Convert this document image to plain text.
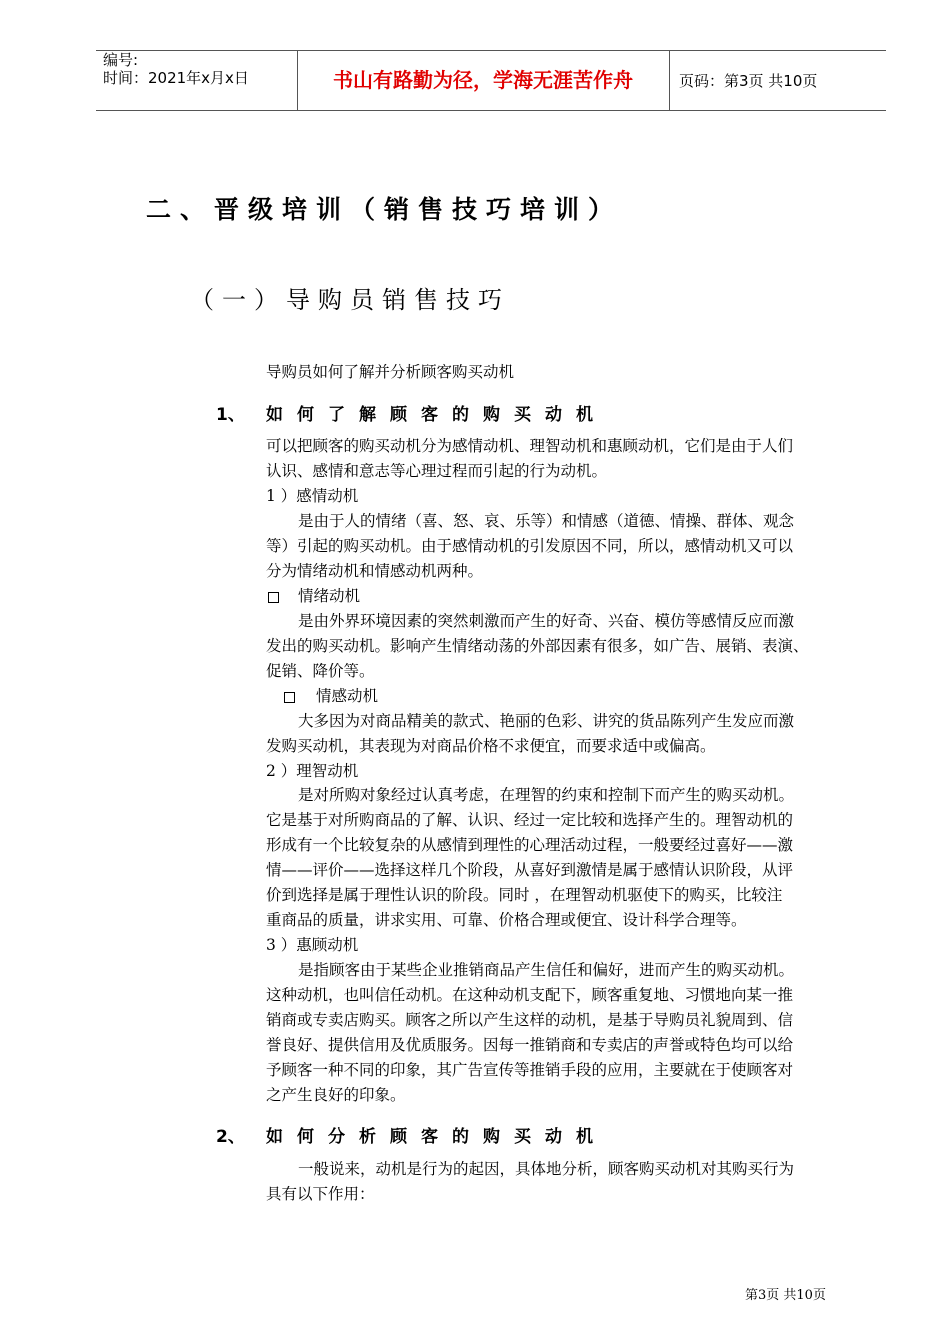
编号:
时间：2021年x月x日	书山有路勤为径，学海无涯苦作舟	页码：第3页 共10页
二、晋级培训（销售技巧培训）
（一）导购员销售技巧
导购员如何了解并分析顾客购买动机
1、 如何了解顾客的购买动机
可以把顾客的购买动机分为感情动机、理智动机和惠顾动机，它们是由于人们
认识、感情和意志等心理过程而引起的行为动机。
1 ）感情动机
是由于人的情绪（喜、怒、哀、乐等）和情感（道德、情操、群体、观念
等）引起的购买动机。由于感情动机的引发原因不同，所以，感情动机又可以
分为情绪动机和情感动机两种。
情绪动机
是由外界环境因素的突然刺激而产生的好奇、兴奋、模仿等感情反应而激
发出的购买动机。影响产生情绪动荡的外部因素有很多，如广告、展销、表演、
促销、降价等。
情感动机
大多因为对商品精美的款式、艳丽的色彩、讲究的货品陈列产生发应而激
发购买动机，其表现为对商品价格不求便宜，而要求适中或偏高。
2 ）理智动机
是对所购对象经过认真考虑，在理智的约束和控制下而产生的购买动机。
它是基于对所购商品的了解、认识、经过一定比较和选择产生的。理智动机的
形成有一个比较复杂的从感情到理性的心理活动过程，一般要经过喜好——激
情——评价——选择这样几个阶段，从喜好到激情是属于感情认识阶段，从评
价到选择是属于理性认识的阶段。同时 ，在理智动机驱使下的购买，比较注
重商品的质量，讲求实用、可靠、价格合理或便宜、设计科学合理等。
3 ）惠顾动机
是指顾客由于某些企业推销商品产生信任和偏好，进而产生的购买动机。
这种动机，也叫信任动机。在这种动机支配下，顾客重复地、习惯地向某一推
销商或专卖店购买。顾客之所以产生这样的动机，是基于导购员礼貌周到、信
誉良好、提供信用及优质服务。因每一推销商和专卖店的声誉或特色均可以给
予顾客一种不同的印象，其广告宣传等推销手段的应用，主要就在于使顾客对
之产生良好的印象。
2、 如何分析顾客的购买动机
一般说来，动机是行为的起因，具体地分析，顾客购买动机对其购买行为
具有以下作用：
第3页 共10页
